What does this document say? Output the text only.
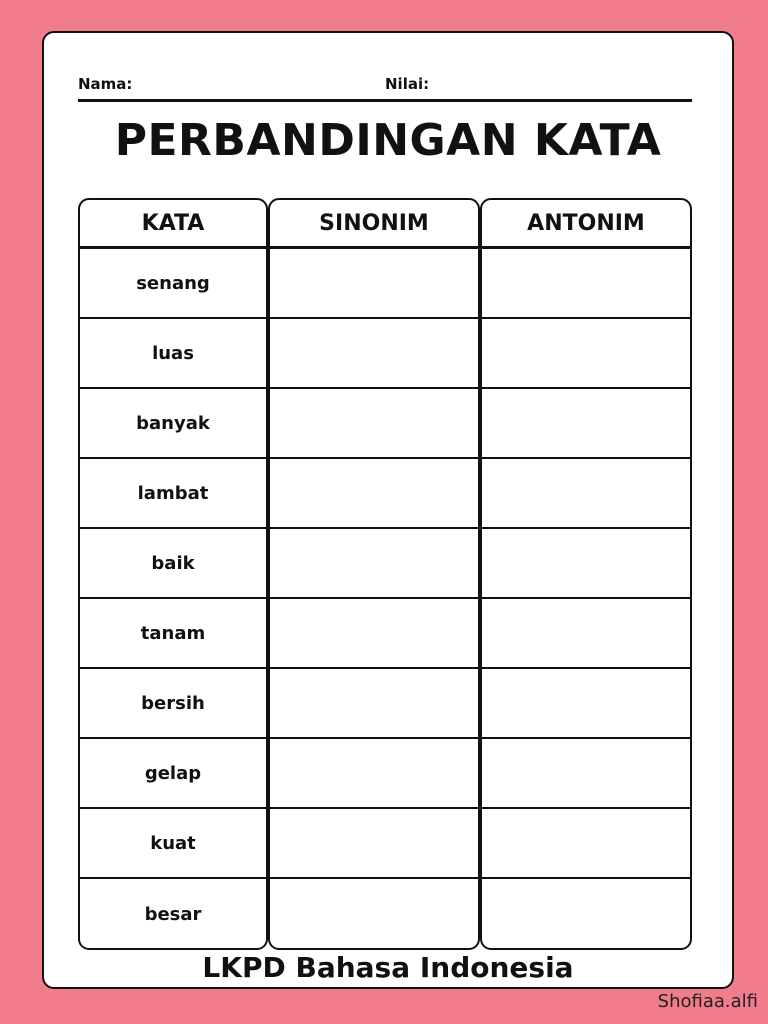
Nama:	Nilai:
PERBANDINGAN KATA
KATA
senang
luas
banyak
lambat
baik
tanam
bersih
gelap
kuat
besar
SINONIM	ANTONIM
LKPD Bahasa Indonesia
Shofiaa.alfi
